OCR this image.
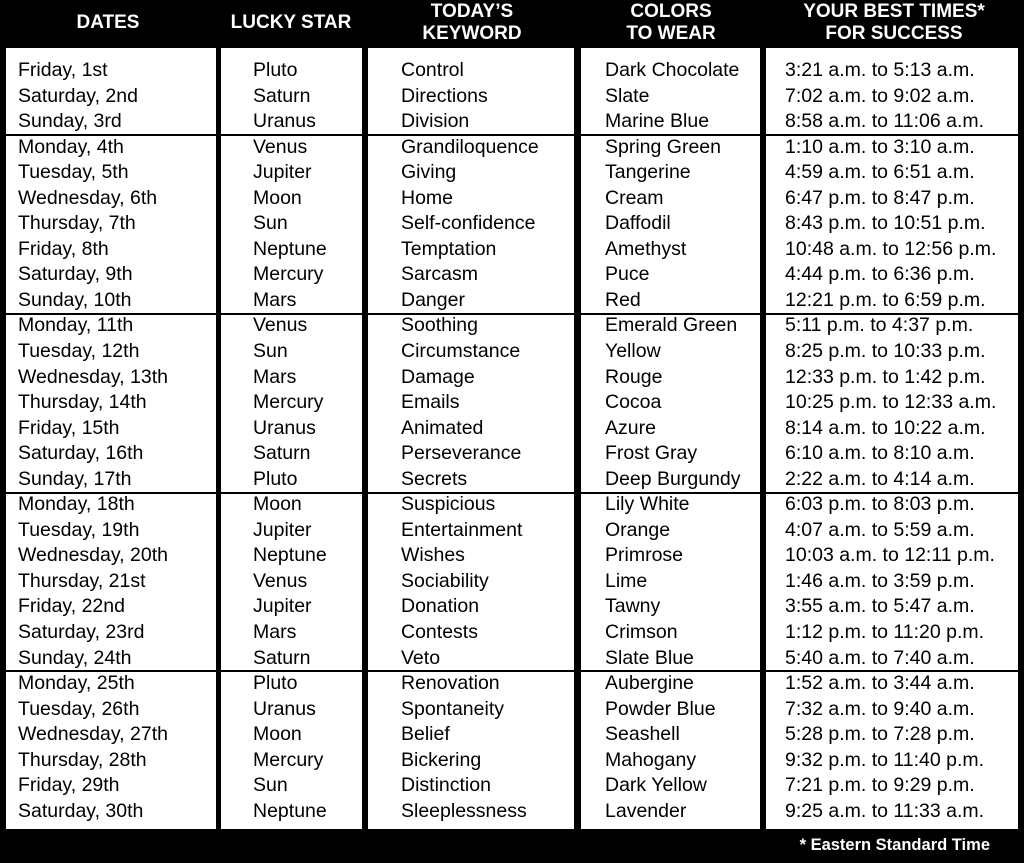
DATES	LUCKY STAR
TODAY’S
KEYWORD
COLORS
TO WEAR
YOUR BEST TIMES*
FOR SUCCESS
Friday, 1st	Pluto	Control	Dark Chocolate 3:21 a.m. to 5:13 a.m.
Saturday, 2nd	Saturn	Directions	Slate	7:02 a.m. to 9:02 a.m.
Sunday, 3rd	Uranus	Division	Marine Blue	8:58 a.m. to 11:06 a.m.
Monday, 4th	Venus	Grandiloquence	Spring Green	1:10 a.m. to 3:10 a.m.
Tuesday, 5th	Jupiter	Giving	Tangerine	4:59 a.m. to 6:51 a.m.
Wednesday, 6th	Moon	Home	Cream	6:47 p.m. to 8:47 p.m.
Thursday, 7th	Sun	Self-confidence	Daffodil	8:43 p.m. to 10:51 p.m.
Friday, 8th	Neptune	Temptation	Amethyst	10:48 a.m. to 12:56 p.m.
Saturday, 9th	Mercury	Sarcasm	Puce	4:44 p.m. to 6:36 p.m.
Sunday, 10th	Mars	Danger	Red	12:21 p.m. to 6:59 p.m.
Monday, 11th	Venus	Soothing	Emerald Green 5:11 p.m. to 4:37 p.m.
Tuesday, 12th	Sun	Circumstance	Yellow	8:25 p.m. to 10:33 p.m.
Wednesday, 13th	Mars	Damage	Rouge	12:33 p.m. to 1:42 p.m.
Thursday, 14th	Mercury	Emails	Cocoa	10:25 p.m. to 12:33 a.m.
Friday, 15th	Uranus	Animated	Azure	8:14 a.m. to 10:22 a.m.
Saturday, 16th	Saturn	Perseverance	Frost Gray	6:10 a.m. to 8:10 a.m.
Sunday, 17th	Pluto	Secrets	Deep Burgundy 2:22 a.m. to 4:14 a.m.
Monday, 18th	Moon	Suspicious	Lily White	6:03 p.m. to 8:03 p.m.
Tuesday, 19th	Jupiter	Entertainment	Orange	4:07 a.m. to 5:59 a.m.
Wednesday, 20th	Neptune	Wishes	Primrose	10:03 a.m. to 12:11 p.m.
Thursday, 21st	Venus	Sociability	Lime	1:46 a.m. to 3:59 p.m.
Friday, 22nd	Jupiter	Donation	Tawny	3:55 a.m. to 5:47 a.m.
Saturday, 23rd	Mars	Contests	Crimson	1:12 p.m. to 11:20 p.m.
Sunday, 24th	Saturn	Veto	Slate Blue	5:40 a.m. to 7:40 a.m.
Monday, 25th	Pluto	Renovation	Aubergine	1:52 a.m. to 3:44 a.m.
Tuesday, 26th	Uranus	Spontaneity	Powder Blue	7:32 a.m. to 9:40 a.m.
Wednesday, 27th	Moon	Belief	Seashell	5:28 p.m. to 7:28 p.m.
Thursday, 28th	Mercury	Bickering	Mahogany	9:32 p.m. to 11:40 p.m.
Friday, 29th	Sun	Distinction	Dark Yellow	7:21 p.m. to 9:29 p.m.
Saturday, 30th	Neptune	Sleeplessness	Lavender	9:25 a.m. to 11:33 a.m.
* Eastern Standard Time
